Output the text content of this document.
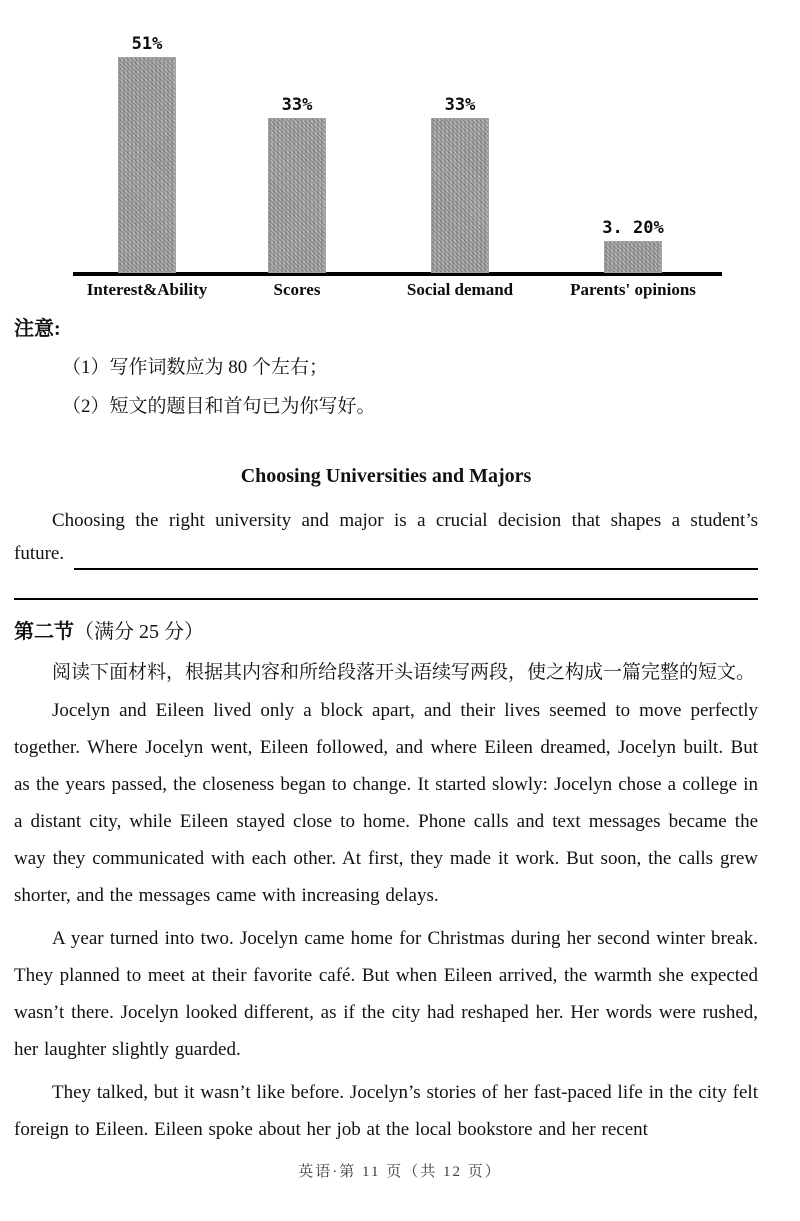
51%
Interest&Ability
33%
Scores
33%
Social demand
3. 20%
Parents' opinions

注意:

（1）写作词数应为 80 个左右；

（2）短文的题目和首句已为你写好。

Choosing Universities and Majors

Choosing the right university and major is a crucial decision that shapes a student’s

future.

第二节（满分 25 分）

阅读下面材料，根据其内容和所给段落开头语续写两段，使之构成一篇完整的短文。

Jocelyn and Eileen lived only a block apart, and their lives seemed to move perfectly together. Where Jocelyn went, Eileen followed, and where Eileen dreamed, Jocelyn built. But as the years passed, the closeness began to change. It started slowly: Jocelyn chose a college in a distant city, while Eileen stayed close to home. Phone calls and text messages became the way they communicated with each other. At first, they made it work. But soon, the calls grew shorter, and the messages came with increasing delays.

A year turned into two. Jocelyn came home for Christmas during her second winter break. They planned to meet at their favorite café. But when Eileen arrived, the warmth she expected wasn’t there. Jocelyn looked different, as if the city had reshaped her. Her words were rushed, her laughter slightly guarded.

They talked, but it wasn’t like before. Jocelyn’s stories of her fast-paced life in the city felt foreign to Eileen. Eileen spoke about her job at the local bookstore and her recent

英语·第 11 页（共 12 页）
